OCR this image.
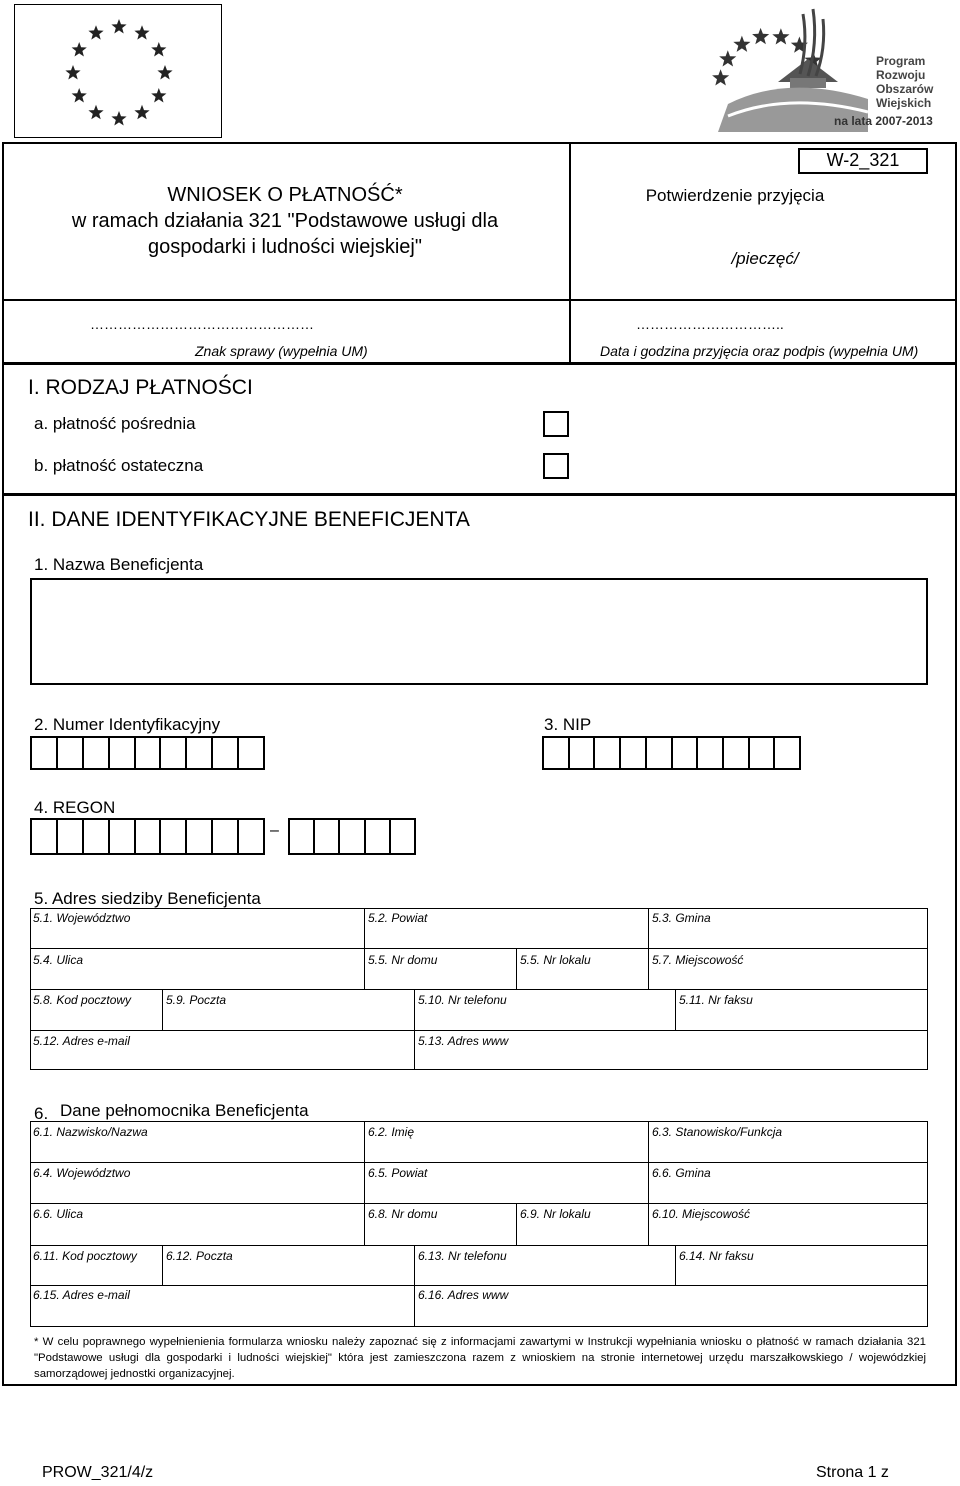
Program
Rozwoju
Obszarów
Wiejskich
na lata 2007-2013
WNIOSEK O PŁATNOŚĆ*
w ramach działania 321 "Podstawowe usługi dla
gospodarki i ludności wiejskiej"
W-2_321
Potwierdzenie przyjęcia
/pieczęć/
…………………………………………
Znak sprawy (wypełnia UM)
…………………………..
Data i godzina przyjęcia oraz podpis (wypełnia UM)
I. RODZAJ PŁATNOŚCI
a. płatność pośrednia
b. płatność ostateczna
II. DANE IDENTYFIKACYJNE BENEFICJENTA
1. Nazwa Beneficjenta
2. Numer Identyfikacyjny	3. NIP
4. REGON
–
5. Adres siedziby Beneficjenta
5.1. Województwo	5.2. Powiat	5.3. Gmina
5.4. Ulica	5.5. Nr domu	5.5. Nr lokalu	5.7. Miejscowość
5.8. Kod pocztowy	5.9. Poczta	5.10. Nr telefonu	5.11. Nr faksu
5.12. Adres e-mail	5.13. Adres www
6. Dane pełnomocnika Beneficjenta
6.1. Nazwisko/Nazwa	6.2. Imię	6.3. Stanowisko/Funkcja
6.4. Województwo	6.5. Powiat	6.6. Gmina
6.6. Ulica	6.8. Nr domu	6.9. Nr lokalu	6.10. Miejscowość
6.11. Kod pocztowy 6.12. Poczta	6.13. Nr telefonu	6.14. Nr faksu
6.15. Adres e-mail	6.16. Adres www
* W celu poprawnego wypełnienienia formularza wniosku należy zapoznać się z informacjami zawartymi w Instrukcji wypełniania wniosku o płatność w ramach działania 321 "Podstawowe usługi dla gospodarki i ludności wiejskiej" która jest zamieszczona razem z wnioskiem na stronie internetowej urzędu marszałkowskiego / wojewódzkiej samorządowej jednostki organizacyjnej.
PROW_321/4/z	Strona 1 z
